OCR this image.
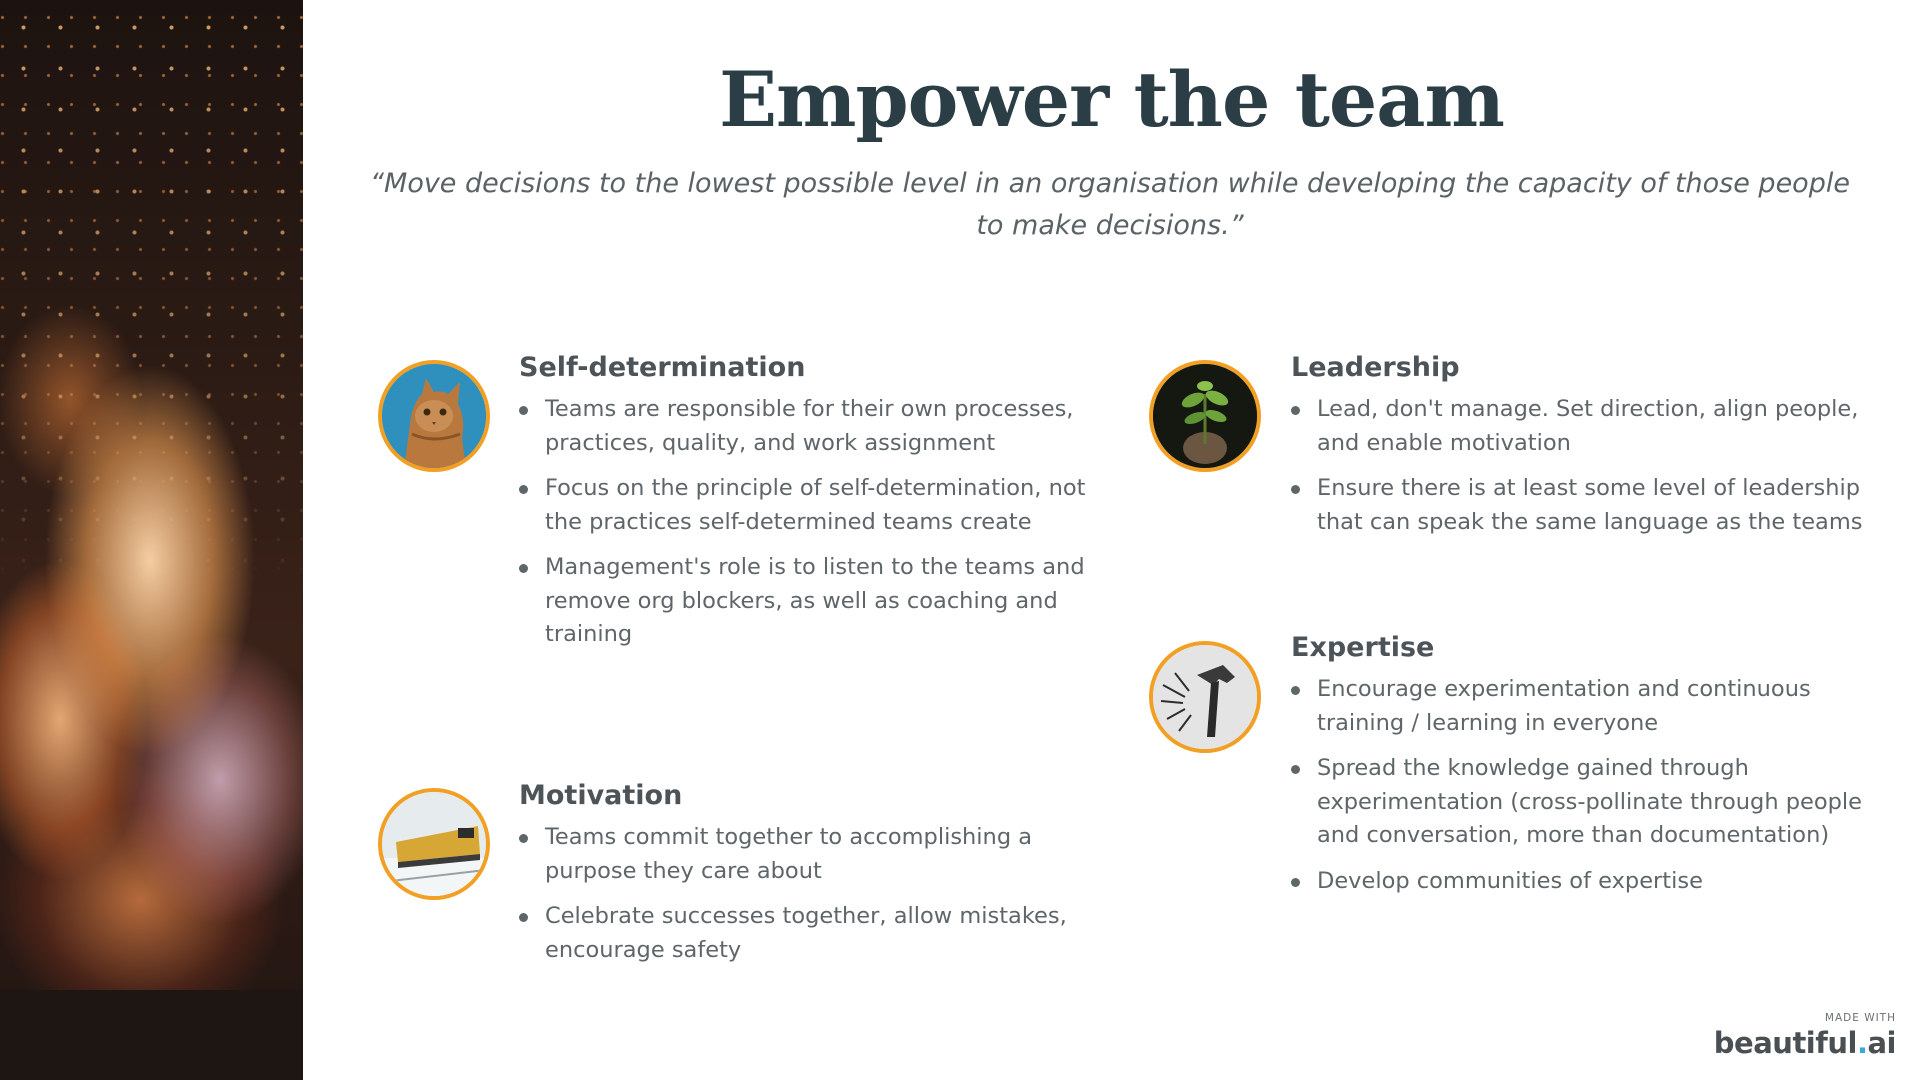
Empower the team

“Move decisions to the lowest possible level in an organisation while developing the capacity of those people to make decisions.”

Self-determination
Teams are responsible for their own processes, practices, quality, and work assignment
Focus on the principle of self-determination, not the practices self-determined teams create
Management's role is to listen to the teams and remove org blockers, as well as coaching and training
Motivation
Teams commit together to accomplishing a purpose they care about
Celebrate successes together, allow mistakes, encourage safety
Leadership
Lead, don't manage. Set direction, align people, and enable motivation
Ensure there is at least some level of leadership that can speak the same language as the teams
Expertise
Encourage experimentation and continuous training / learning in everyone
Spread the knowledge gained through experimentation (cross-pollinate through people and conversation, more than documentation)
Develop communities of expertise

MADE WITH

beautiful.ai
